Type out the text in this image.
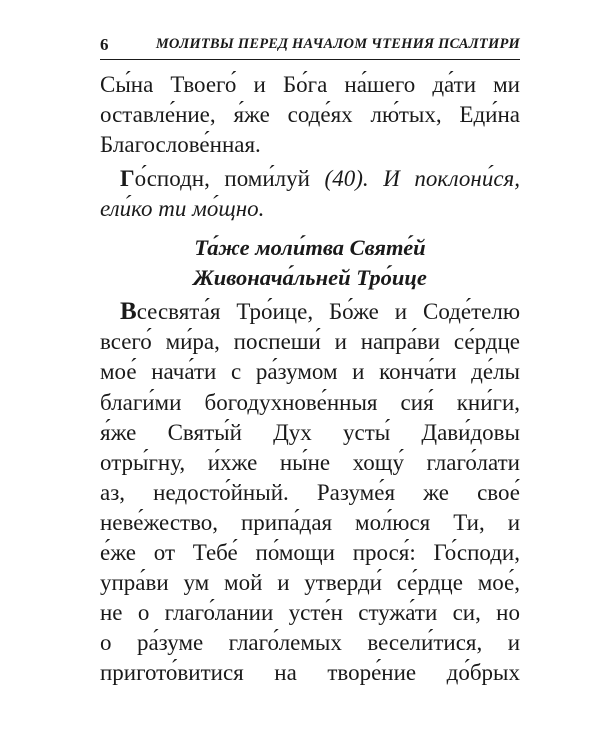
6	МОЛИТВЫ ПЕРЕД НАЧАЛОМ ЧТЕНИЯ ПСАЛТИРИ
Сы́на Твоего́ и Бо́га на́шего да́ти ми
оставле́ние, я́же соде́ях лю́тых, Еди́на
Благослове́нная.
Го́сподн, поми́луй (40). И поклони́ся,
ели́ко ти мо́щно.
Та́же моли́тва Святе́й
Живонача́льней Тро́ице
Всесвята́я Тро́ице, Бо́же и Соде́телю
всего́ ми́ра, поспеши́ и напра́ви се́рдце
мое́ нача́ти с ра́зумом и конча́ти де́лы
благи́ми богодухнове́нныя сия́ кни́ги,
я́же Святы́й Дух усты́ Дави́довы
отры́гну, и́хже ны́не хощу́ глаго́лати
аз, недосто́йный. Разуме́я же свое́
неве́жество, припа́дая мол́юся Ти, и
е́же от Тебе́ по́мощи прося́: Го́споди,
упра́ви ум мой и утверди́ се́рдце мое́,
не о глаго́лании усте́н стужа́ти си, но
о ра́зуме глаго́лемых весели́тися, и
пригото́витися на творе́ние до́брых
